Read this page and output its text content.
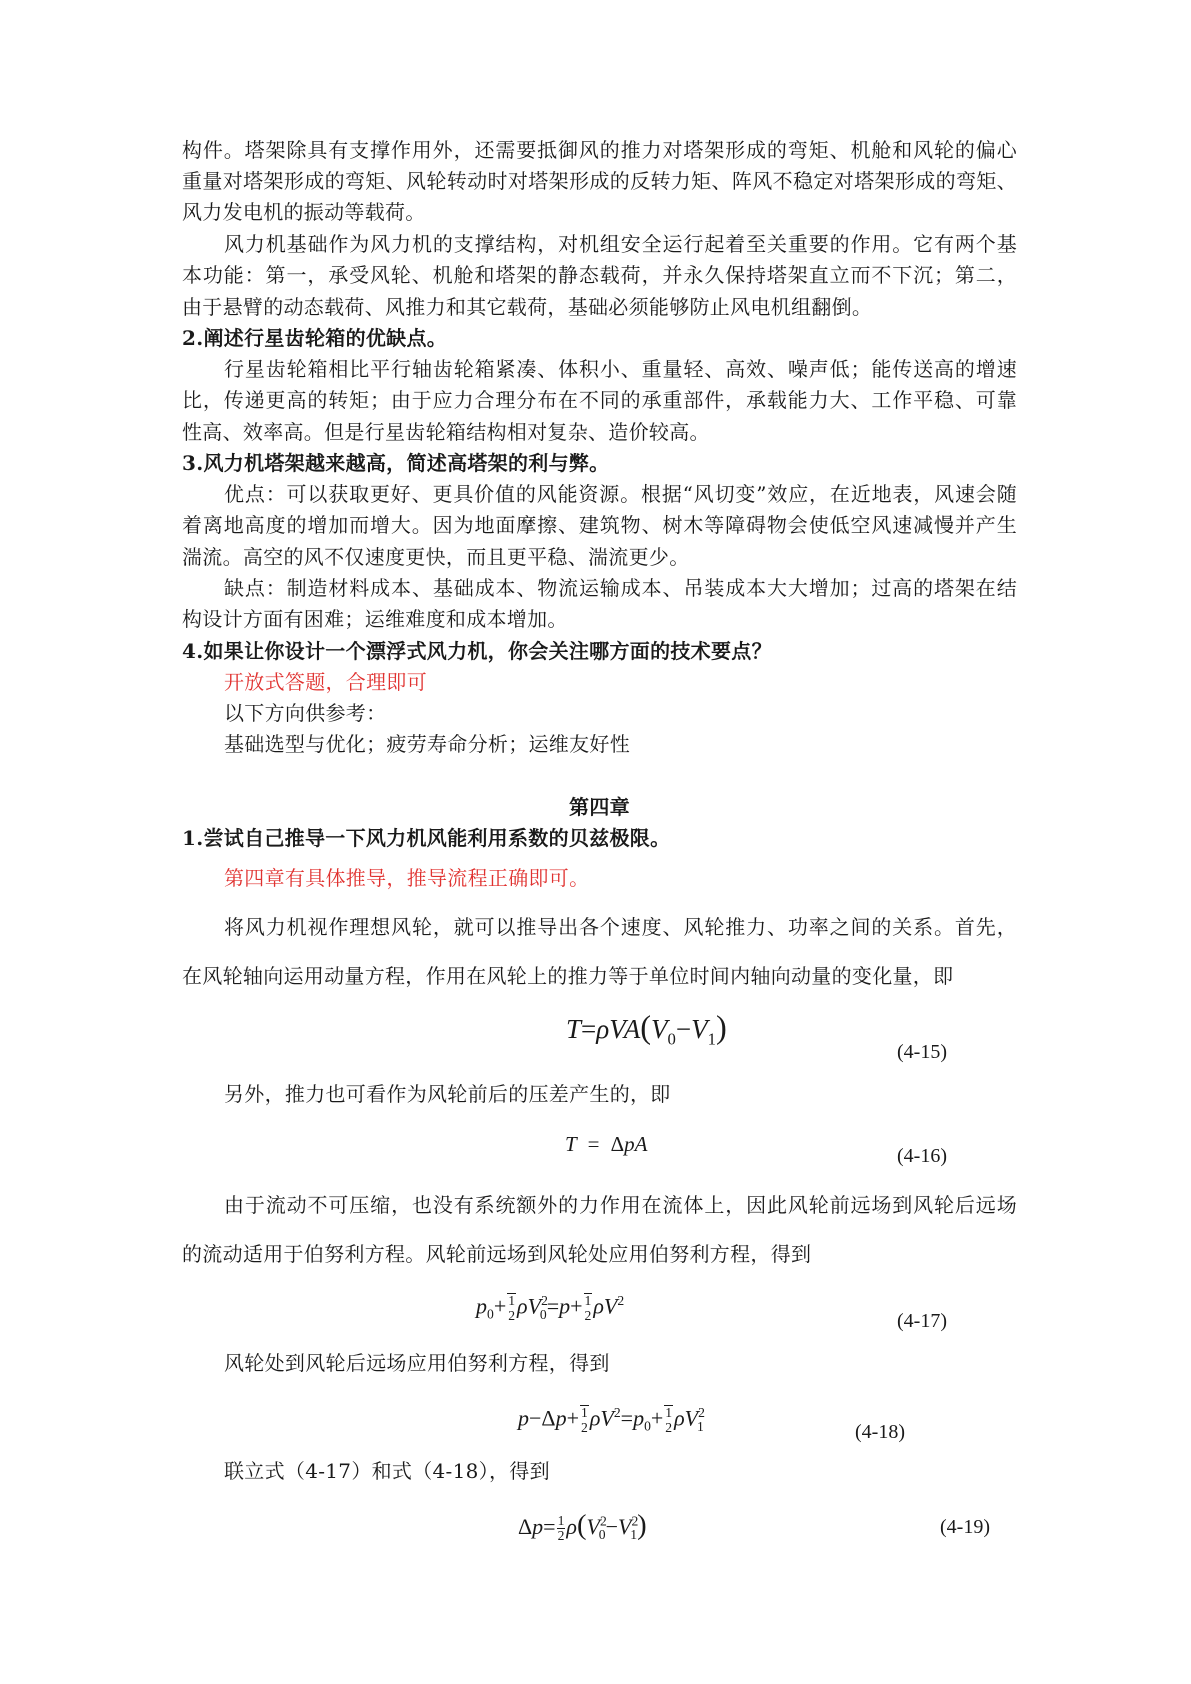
构件。塔架除具有支撑作用外，还需要抵御风的推力对塔架形成的弯矩、机舱和风轮的偏心
重量对塔架形成的弯矩、风轮转动时对塔架形成的反转力矩、阵风不稳定对塔架形成的弯矩、
风力发电机的振动等载荷。
风力机基础作为风力机的支撑结构，对机组安全运行起着至关重要的作用。它有两个基
本功能：第一，承受风轮、机舱和塔架的静态载荷，并永久保持塔架直立而不下沉；第二，
由于悬臂的动态载荷、风推力和其它载荷，基础必须能够防止风电机组翻倒。
2.阐述行星齿轮箱的优缺点。
行星齿轮箱相比平行轴齿轮箱紧凑、体积小、重量轻、高效、噪声低；能传送高的增速
比，传递更高的转矩；由于应力合理分布在不同的承重部件，承载能力大、工作平稳、可靠
性高、效率高。但是行星齿轮箱结构相对复杂、造价较高。
3.风力机塔架越来越高，简述高塔架的利与弊。
优点：可以获取更好、更具价值的风能资源。根据“风切变”效应，在近地表，风速会随
着离地高度的增加而增大。因为地面摩擦、建筑物、树木等障碍物会使低空风速减慢并产生
湍流。高空的风不仅速度更快，而且更平稳、湍流更少。
缺点：制造材料成本、基础成本、物流运输成本、吊装成本大大增加；过高的塔架在结
构设计方面有困难；运维难度和成本增加。
4.如果让你设计一个漂浮式风力机，你会关注哪方面的技术要点？
开放式答题，合理即可
以下方向供参考：
基础选型与优化；疲劳寿命分析；运维友好性
第四章
1.尝试自己推导一下风力机风能利用系数的贝兹极限。
第四章有具体推导，推导流程正确即可。
将风力机视作理想风轮，就可以推导出各个速度、风轮推力、功率之间的关系。首先，
在风轮轴向运用动量方程，作用在风轮上的推力等于单位时间内轴向动量的变化量，即
$T=\rho VA(V_0-V_1)$
(4-15)
另外，推力也可看作为风轮前后的压差产生的，即
T = ΔpA	(4-16)
由于流动不可压缩，也没有系统额外的力作用在流体上，因此风轮前远场到风轮后远场
的流动适用于伯努利方程。风轮前远场到风轮处应用伯努利方程，得到
$p_0+ 1$
2 $\rho V^2_0=p+ 1$
2 $\rho V^2$
(4-17)
风轮处到风轮后远场应用伯努利方程，得到
p−Δp+ 1
2 $\rho V^2=p_0+ 1$
2 $\rho V^2_1$	(4-18)
联立式（4-17）和式（4-18），得到
$\Delta p= \frac{1}{2} \rho(V^2_0-V^2_1)$	(4-19)
